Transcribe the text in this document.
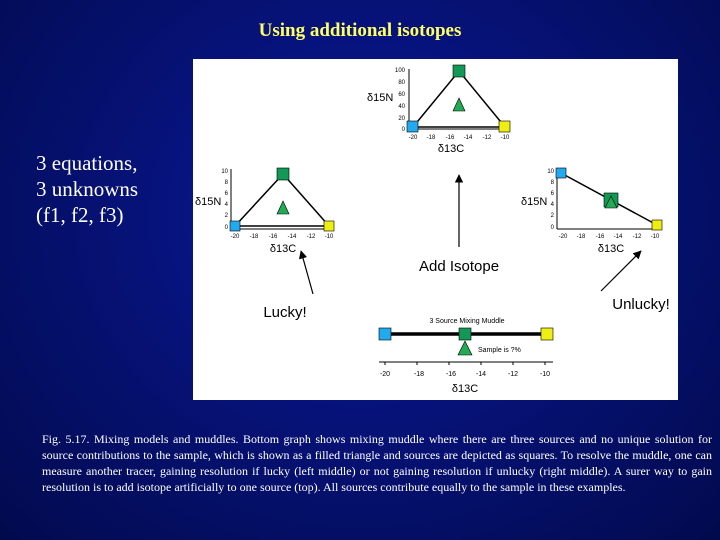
Using additional isotopes
3 equations,
3 unknowns
(f1, f2, f3)
100
80
60
40
20
0
-20 -18 -16 -14 -12 -10
δ15N
δ13C
10
8
6
4
2
0
-20 -18 -16 -14 -12 -10
δ15N
δ13C
10
8
6
4
2
0
-20 -18 -16 -14 -12 -10
δ15N
δ13C
Add Isotope
Lucky!	Unlucky!
3 Source Mixing Muddle
Sample is ?%
-20	-18	-16	-14	-12	-10
δ13C
Fig. 5.17. Mixing models and muddles. Bottom graph shows mixing muddle where there are three sources and no unique solution for source contributions to the sample, which is shown as a filled triangle and sources are depicted as squares. To resolve the muddle, one can measure another tracer, gaining resolution if lucky (left middle) or not gaining resolution if unlucky (right middle). A surer way to gain resolution is to add isotope artificially to one source (top). All sources contribute equally to the sample in these examples.
